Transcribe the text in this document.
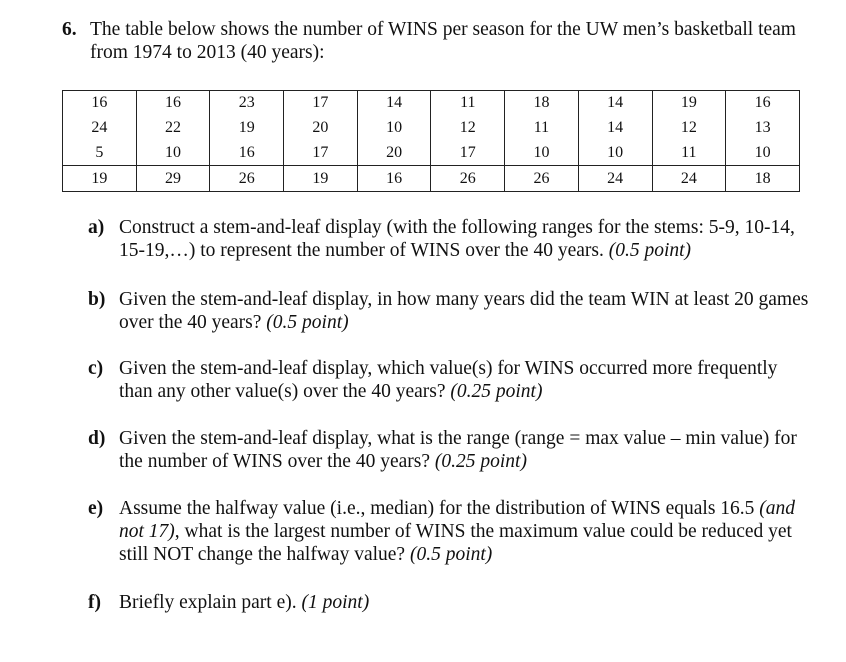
6. The table below shows the number of WINS per season for the UW men’s basketball team from 1974 to 2013 (40 years):
16	16	23	17	14	11	18	14	19	16
24	22	19	20	10	12	11	14	12	13
5	10	16	17	20	17	10	10	11	10
19	29	26	19	16	26	26	24	24	18
a) Construct a stem-and-leaf display (with the following ranges for the stems: 5-9, 10-14, 15-19,…) to represent the number of WINS over the 40 years. (0.5 point)
b) Given the stem-and-leaf display, in how many years did the team WIN at least 20 games over the 40 years? (0.5 point)
c) Given the stem-and-leaf display, which value(s) for WINS occurred more frequently than any other value(s) over the 40 years? (0.25 point)
d) Given the stem-and-leaf display, what is the range (range = max value – min value) for the number of WINS over the 40 years? (0.25 point)
e) Assume the halfway value (i.e., median) for the distribution of WINS equals 16.5 (and not 17), what is the largest number of WINS the maximum value could be reduced yet still NOT change the halfway value? (0.5 point)
f) Briefly explain part e). (1 point)
